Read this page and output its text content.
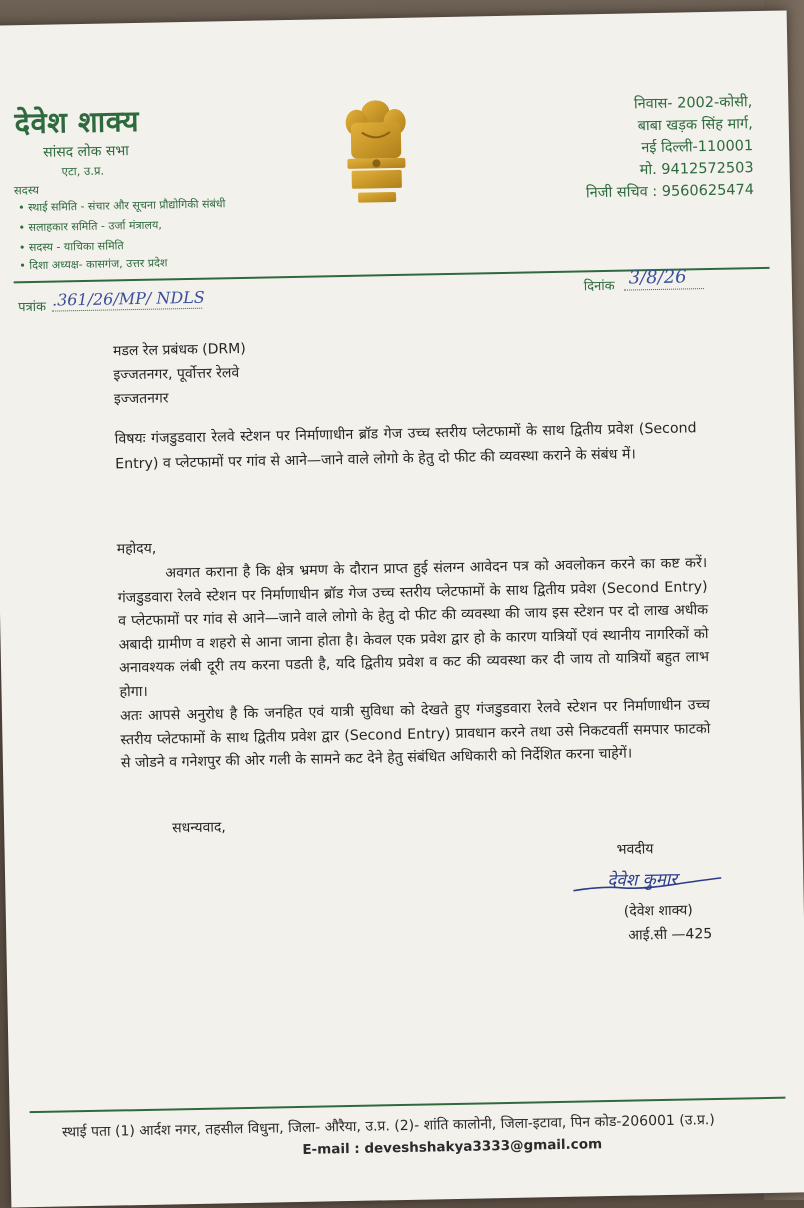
देवेश शाक्य
सांसद लोक सभा
एटा, उ.प्र.
सदस्य
• स्थाई समिति - संचार और सूचना प्रौद्योगिकी संबंधी
• सलाहकार समिति - उर्जा मंत्रालय,
• सदस्य - याचिका समिति
• दिशा अध्यक्ष- कासगंज, उत्तर प्रदेश
निवास- 2002-कोसी,
बाबा खड़क सिंह मार्ग,
नई दिल्ली-110001
मो. 9412572503
निजी सचिव : 9560625474
पत्रांक .361/26/MP/ NDLS
दिनांक 3/8/26
मडल रेल प्रबंधक (DRM)
इज्जतनगर, पूर्वोत्तर रेलवे
इज्जतनगर
विषयः गंजडुडवारा रेलवे स्टेशन पर निर्माणाधीन ब्रॉड गेज उच्च स्तरीय प्लेटफामों के साथ द्वितीय प्रवेश (Second Entry) व प्लेटफामों पर गांव से आने—जाने वाले लोगो के हेतु दो फीट की व्यवस्था कराने के संबंध में।
महोदय,
अवगत कराना है कि क्षेत्र भ्रमण के दौरान प्राप्त हुई संलग्न आवेदन पत्र को अवलोकन करने का कष्ट करें। गंजडुडवारा रेलवे स्टेशन पर निर्माणाधीन ब्रॉड गेज उच्च स्तरीय प्लेटफामों के साथ द्वितीय प्रवेश (Second Entry) व प्लेटफामों पर गांव से आने—जाने वाले लोगो के हेतु दो फीट की व्यवस्था की जाय इस स्टेशन पर दो लाख अधीक अबादी ग्रामीण व शहरो से आना जाना होता है। केवल एक प्रवेश द्वार हो के कारण यात्रियों एवं स्थानीय नागरिकों को अनावश्यक लंबी दूरी तय करना पडती है, यदि द्वितीय प्रवेश व कट की व्यवस्था कर दी जाय तो यात्रियों बहुत लाभ होगा।
अतः आपसे अनुरोध है कि जनहित एवं यात्री सुविधा को देखते हुए गंजडुडवारा रेलवे स्टेशन पर निर्माणाधीन उच्च स्तरीय प्लेटफामों के साथ द्वितीय प्रवेश द्वार (Second Entry) प्रावधान करने तथा उसे निकटवर्ती समपार फाटको से जोडने व गनेशपुर की ओर गली के सामने कट देने हेतु संबंधित अधिकारी को निर्देशित करना चाहेगें।
सधन्यवाद,
भवदीय
देवेश कुमार
(देवेश शाक्य)
आई.सी —425
स्थाई पता (1) आर्दश नगर, तहसील विधुना, जिला- औरैया, उ.प्र. (2)- शांति कालोनी, जिला-इटावा, पिन कोड-206001 (उ.प्र.)
E-mail : deveshshakya3333@gmail.com
